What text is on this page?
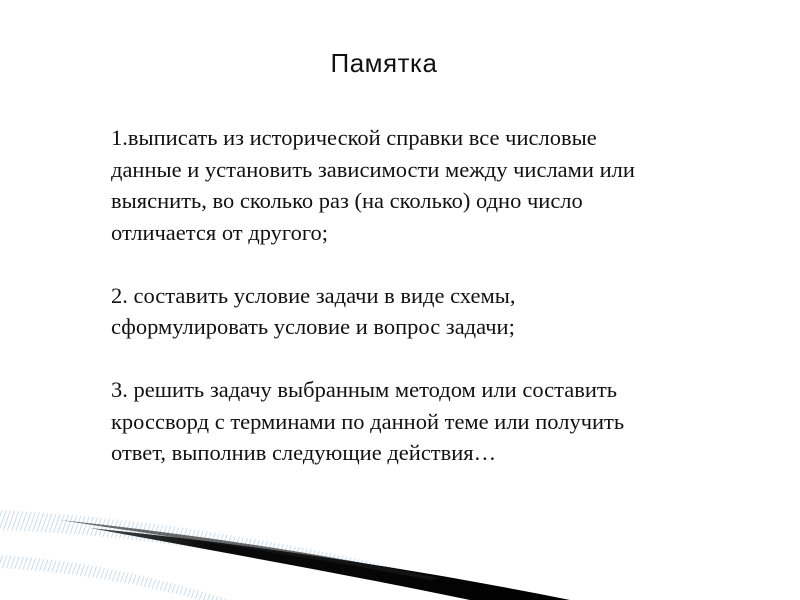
Памятка
1.выписать из исторической справки все числовые
данные и установить зависимости между числами или
выяснить, во сколько раз (на сколько) одно число
отличается от другого;
2. составить условие задачи в виде схемы,
сформулировать условие и вопрос задачи;
3. решить задачу выбранным методом или составить
кроссворд с терминами по данной теме или получить
ответ, выполнив следующие действия…
